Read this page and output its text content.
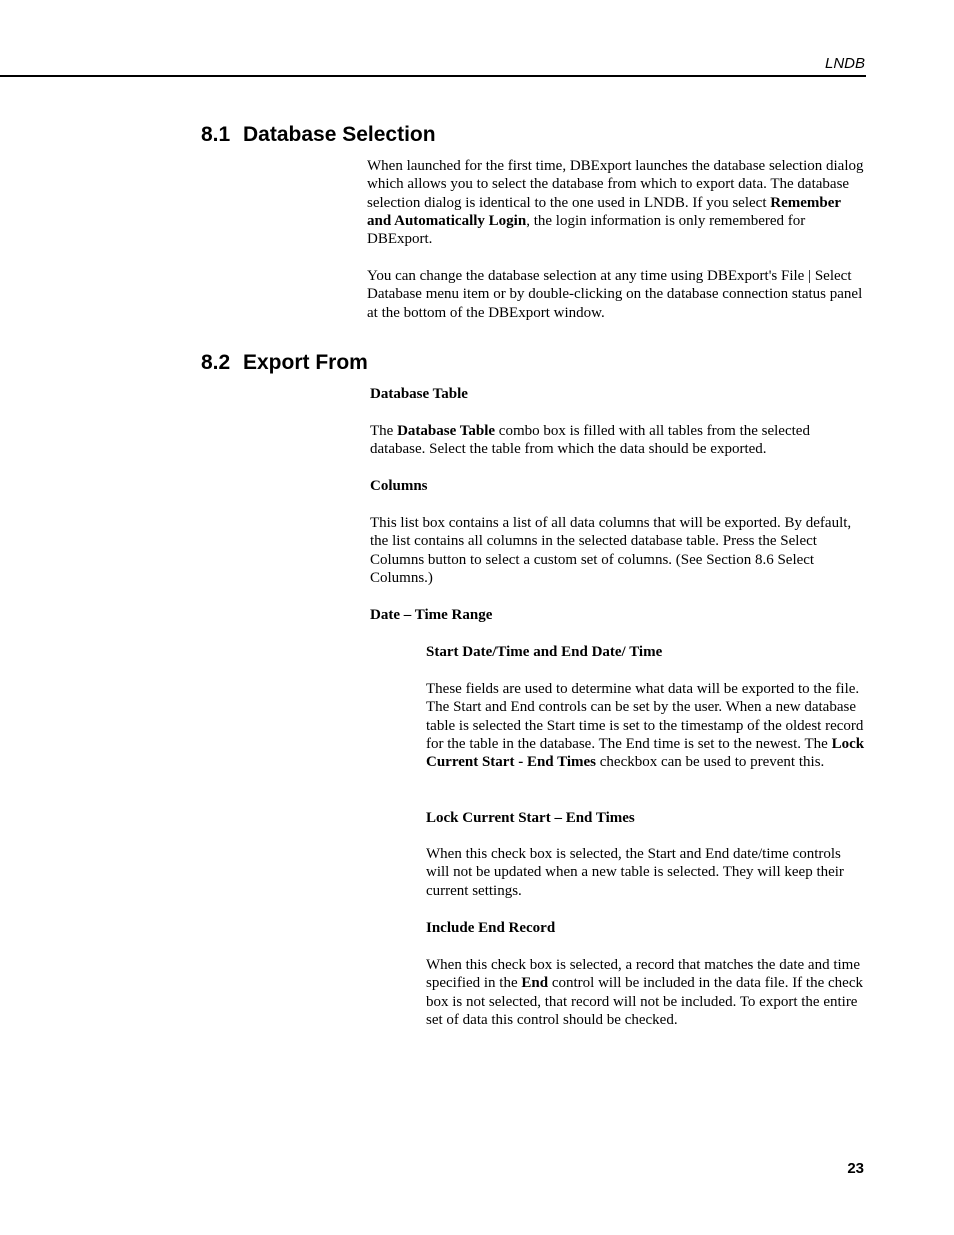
LNDB
8.1 Database Selection

When launched for the first time, DBExport launches the database selection dialog which allows you to select the database from which to export data. The database selection dialog is identical to the one used in LNDB. If you select Remember and Automatically Login, the login information is only remembered for DBExport.

You can change the database selection at any time using DBExport's File | Select Database menu item or by double-clicking on the database connection status panel at the bottom of the DBExport window.

8.2 Export From
Database Table

The Database Table combo box is filled with all tables from the selected database. Select the table from which the data should be exported.

Columns

This list box contains a list of all data columns that will be exported. By default, the list contains all columns in the selected database table. Press the Select Columns button to select a custom set of columns. (See Section 8.6 Select Columns.)

Date – Time Range
Start Date/Time and End Date/ Time

These fields are used to determine what data will be exported to the file. The Start and End controls can be set by the user. When a new database table is selected the Start time is set to the timestamp of the oldest record for the table in the database. The End time is set to the newest. The Lock Current Start - End Times checkbox can be used to prevent this.

Lock Current Start – End Times

When this check box is selected, the Start and End date/time controls will not be updated when a new table is selected. They will keep their current settings.

Include End Record

When this check box is selected, a record that matches the date and time specified in the End control will be included in the data file. If the check box is not selected, that record will not be included. To export the entire set of data this control should be checked.

23
